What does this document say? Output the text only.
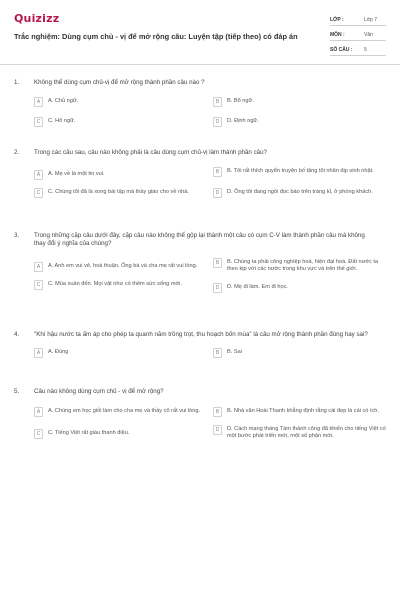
Quizizz
Trắc nghiệm: Dùng cụm chủ - vị để mở rộng câu: Luyện tập (tiếp theo) có đáp án
LỚP :	Lớp 7
MÔN :	Văn
SỐ CÂU : 5
1.	Không thể dùng cụm chủ-vị để mở rộng thành phần câu nào ?
A	A. Chủ ngữ.	B	B. Bổ ngữ.
C	C. Hô ngữ.	D	D. Định ngữ.
2.	Trong các câu sau, câu nào không phải là câu dùng cụm chủ-vị làm thành phần câu?
A	A. Mẹ về là một tin vui.	B	B. Tôi rất thích quyển truyện bố tặng tôi nhân dịp sinh nhật.
C	C. Chúng tôi đã là xong bài tập mà thầy giáo cho về nhà.	D	D. Ông tôi đang ngồi đọc báo trên tràng kỉ, ở phòng khách.
3.	Trong những cặp câu dưới đây, cặp câu nào không thể gộp lại thành một câu có cụm C-V làm thành phần câu mà không thay đổi ý nghĩa của chúng?
A	A. Anh em vui vẻ, hoà thuận. Ông bà và cha mẹ rất vui lòng.	B	B. Chúng ta phải công nghiệp hoá, hiện đại hoá. Đất nước ta theo kịp với các nước trong khu vực và trên thế giới.
C	C. Mùa xuân đến. Mọi vật như có thêm sức sống mới.
D	D. Mẹ đi làm. Em đi học.
4.	"Khí hậu nước ta ấm áp cho phép ta quanh năm trồng trọt, thu hoạch bốn mùa" là câu mở rộng thành phần đúng hay sai?
A	A. Đúng	B	B. Sai
5.	Câu nào không dùng cụm chủ - vị để mở rộng?
A	A. Chúng em học giỏi làm cho cha mẹ và thầy cô rất vui lòng.	B	B. Nhà văn Hoài Thanh khẳng định rằng cái đẹp là cái có ích.
C	C. Tiếng Việt rất giàu thanh điệu.	D	D. Cách mạng tháng Tám thành công đã khiến cho tiếng Việt có một bước phát triển mới, một số phận mới.
